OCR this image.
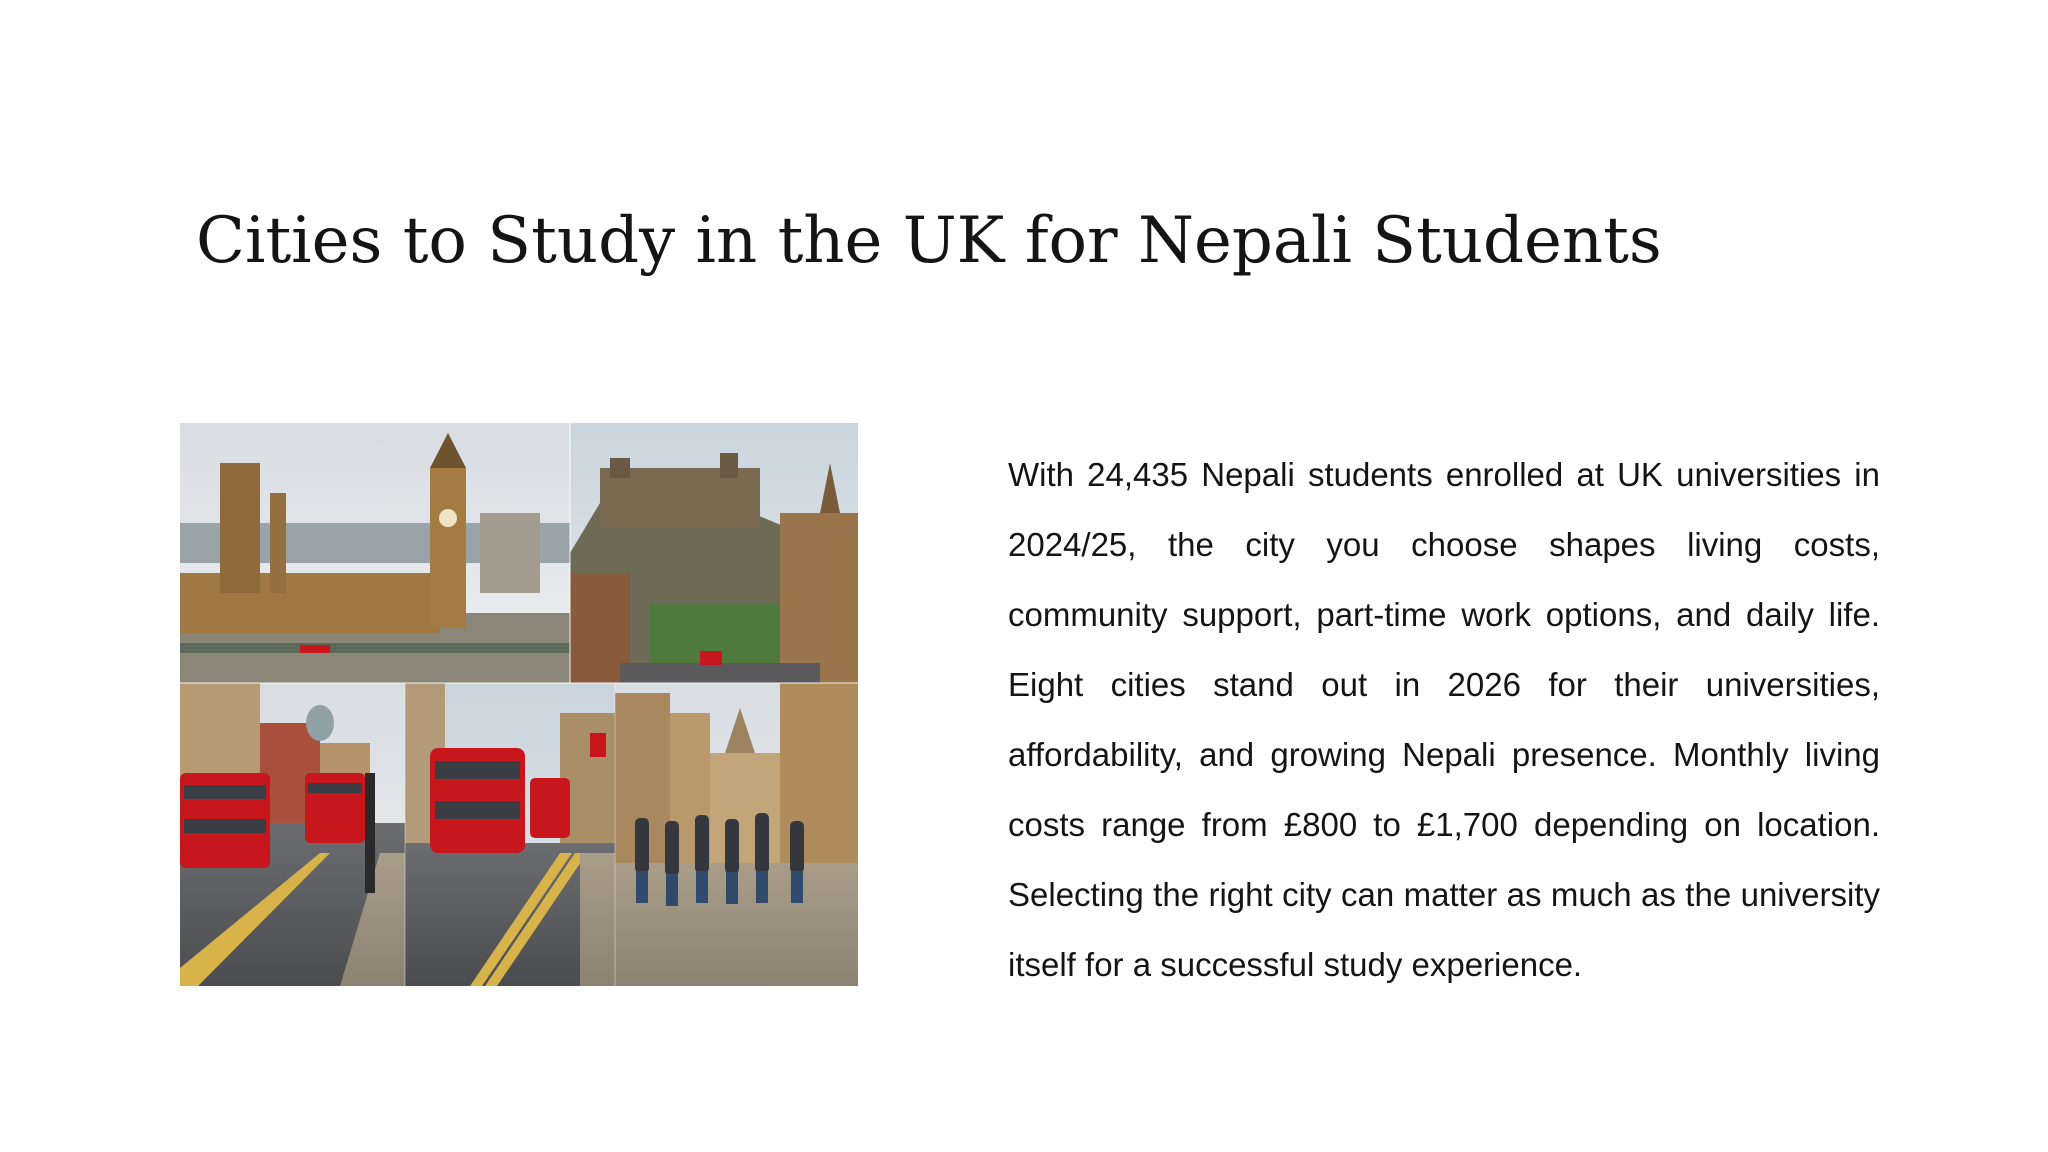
Cities to Study in the UK for Nepali Students

With 24,435 Nepali students enrolled at UK universities in 2024/25, the city you choose shapes living costs, community support, part-time work options, and daily life. Eight cities stand out in 2026 for their universities, affordability, and growing Nepali presence. Monthly living costs range from £800 to £1,700 depending on location. Selecting the right city can matter as much as the university itself for a successful study experience.
